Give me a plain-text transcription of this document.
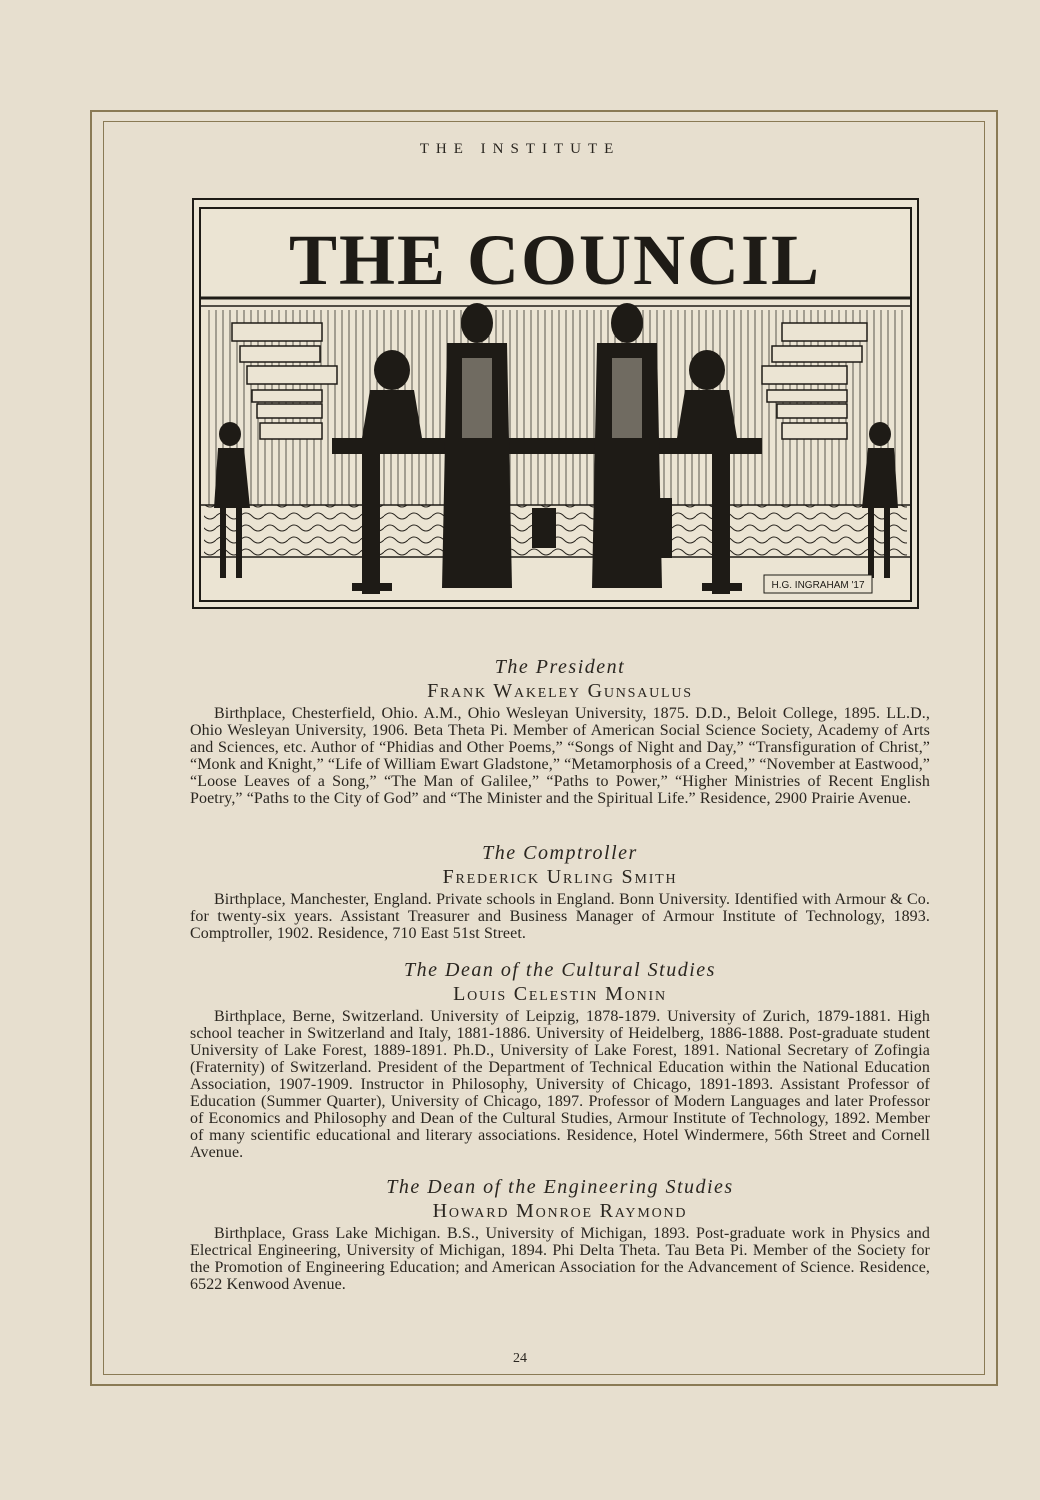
THE INSTITUTE
THE COUNCIL
H.G. INGRAHAM '17

The President

Frank Wakeley Gunsaulus

Birthplace, Chesterfield, Ohio. A.M., Ohio Wesleyan University, 1875. D.D., Beloit College, 1895. LL.D., Ohio Wesleyan University, 1906. Beta Theta Pi. Member of American Social Science Society, Academy of Arts and Sciences, etc. Author of “Phidias and Other Poems,” “Songs of Night and Day,” “Transfiguration of Christ,” “Monk and Knight,” “Life of William Ewart Gladstone,” “Metamorphosis of a Creed,” “November at Eastwood,” “Loose Leaves of a Song,” “The Man of Galilee,” “Paths to Power,” “Higher Ministries of Recent English Poetry,” “Paths to the City of God” and “The Minister and the Spiritual Life.” Residence, 2900 Prairie Avenue.

The Comptroller

Frederick Urling Smith

Birthplace, Manchester, England. Private schools in England. Bonn University. Identified with Armour & Co. for twenty-six years. Assistant Treasurer and Business Manager of Armour Institute of Technology, 1893. Comptroller, 1902. Residence, 710 East 51st Street.

The Dean of the Cultural Studies

Louis Celestin Monin

Birthplace, Berne, Switzerland. University of Leipzig, 1878-1879. University of Zurich, 1879-1881. High school teacher in Switzerland and Italy, 1881-1886. University of Heidelberg, 1886-1888. Post-graduate student University of Lake Forest, 1889-1891. Ph.D., University of Lake Forest, 1891. National Secretary of Zofingia (Fraternity) of Switzerland. President of the Department of Technical Education within the National Education Association, 1907-1909. Instructor in Philosophy, University of Chicago, 1891-1893. Assistant Professor of Education (Summer Quarter), University of Chicago, 1897. Professor of Modern Languages and later Professor of Economics and Philosophy and Dean of the Cultural Studies, Armour Institute of Technology, 1892. Member of many scientific educational and literary associations. Residence, Hotel Windermere, 56th Street and Cornell Avenue.

The Dean of the Engineering Studies

Howard Monroe Raymond

Birthplace, Grass Lake Michigan. B.S., University of Michigan, 1893. Post-graduate work in Physics and Electrical Engineering, University of Michigan, 1894. Phi Delta Theta. Tau Beta Pi. Member of the Society for the Promotion of Engineering Education; and American Association for the Advancement of Science. Residence, 6522 Kenwood Avenue.

24
